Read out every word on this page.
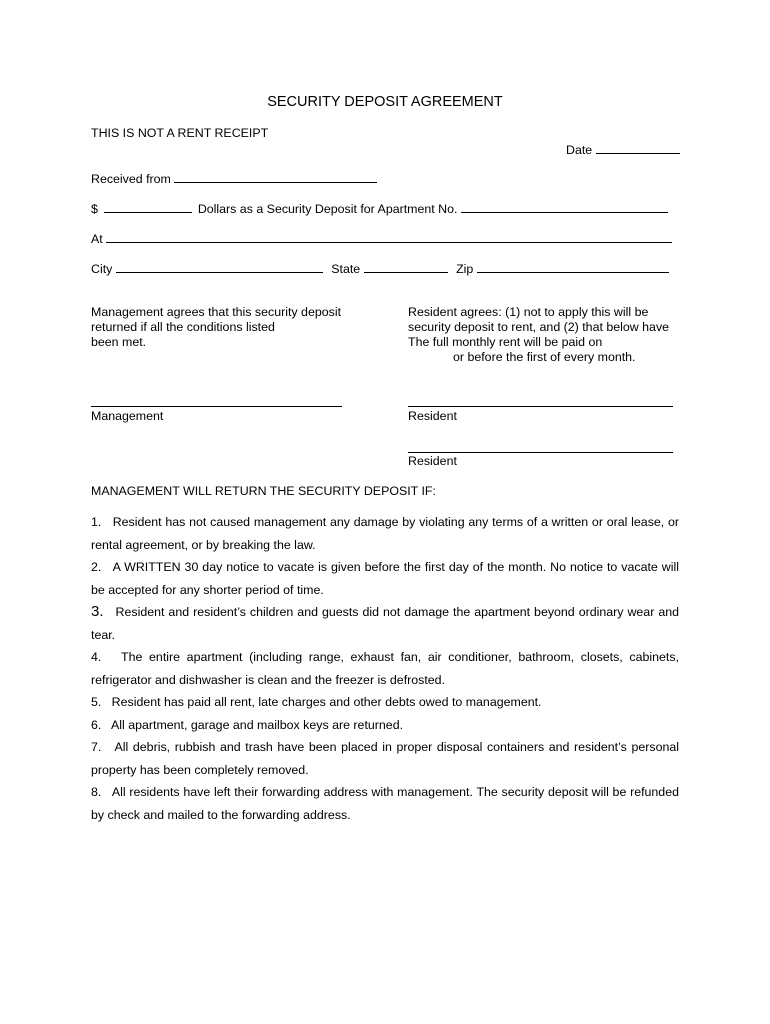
SECURITY DEPOSIT AGREEMENT
THIS IS NOT A RENT RECEIPT
Date
Received from
$	Dollars as a Security Deposit for Apartment No.
At
City	State	Zip
Management agrees that this security deposit
returned if all the conditions listed
been met.
Resident agrees: (1) not to apply this will be
security deposit to rent, and (2) that below have
The full monthly rent will be paid on
or before the first of every month.
Management	Resident
Resident
MANAGEMENT WILL RETURN THE SECURITY DEPOSIT IF:
1. Resident has not caused management any damage by violating any terms of a written or oral lease, or rental agreement, or by breaking the law.
2. A WRITTEN 30 day notice to vacate is given before the first day of the month. No notice to vacate will be accepted for any shorter period of time.
3. Resident and resident’s children and guests did not damage the apartment beyond ordinary wear and tear.
4. The entire apartment (including range, exhaust fan, air conditioner, bathroom, closets, cabinets, refrigerator and dishwasher is clean and the freezer is defrosted.
5. Resident has paid all rent, late charges and other debts owed to management.
6. All apartment, garage and mailbox keys are returned.
7. All debris, rubbish and trash have been placed in proper disposal containers and resident’s personal property has been completely removed.
8. All residents have left their forwarding address with management. The security deposit will be refunded by check and mailed to the forwarding address.
